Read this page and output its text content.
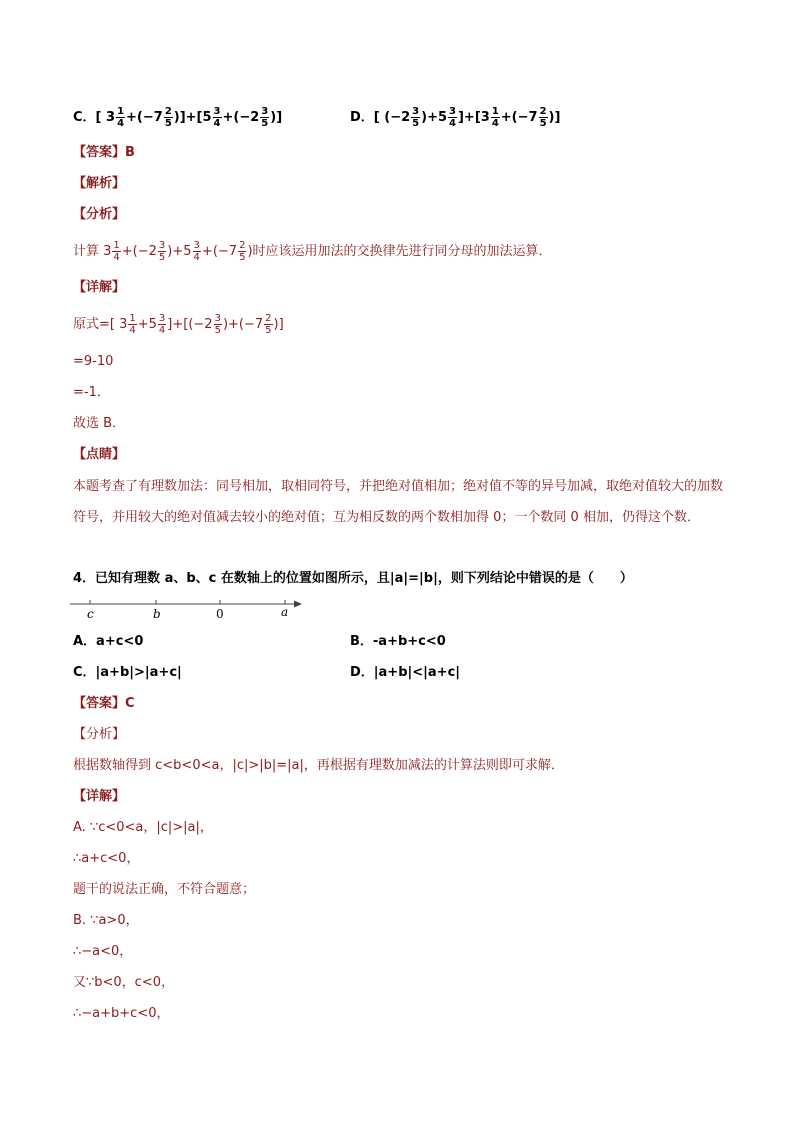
C．[ $3 \frac{1}{4} +(-7 \frac{2}{5} )]+[5 \frac{3}{4} +(-2 \frac{3}{5}$ )]	D．[ $(-2 \frac{3}{5} )+5 \frac{3}{4} ]+[3 \frac{1}{4} +(-7 \frac{2}{5}$ )]
【答案】B
【解析】
【分析】
计算 $3 \frac{1}{4} +(-2 \frac{3}{5} )+5 \frac{3}{4} +(-7 \frac{2}{5}$ )时应该运用加法的交换律先进行同分母的加法运算．
【详解】
原式=[ $3 \frac{1}{4} +5 \frac{3}{4} ]+[(-2 \frac{3}{5} )+(-7 \frac{2}{5}$ )]
=9-10
=-1．
故选 B．
【点睛】
本题考查了有理数加法：同号相加，取相同符号，并把绝对值相加；绝对值不等的异号加减，取绝对值较大的加数符号，并用较大的绝对值减去较小的绝对值；互为相反数的两个数相加得 0；一个数同 0 相加，仍得这个数．
4．已知有理数 a、b、c 在数轴上的位置如图所示，且|a|=|b|，则下列结论中错误的是（　　）
c	b	0	a
A．a+c<0	B．-a+b+c<0
C．|a+b|>|a+c|	D．|a+b|<|a+c|
【答案】C
【分析】
根据数轴得到 c<b<0<a，|c|>|b|=|a|，再根据有理数加减法的计算法则即可求解．
【详解】
A. ∵c<0<a，|c|>|a|，
∴a+c<0，
题干的说法正确，不符合题意；
B. ∵a>0，
∴−a<0，
又∵b<0，c<0，
∴−a+b+c<0，
